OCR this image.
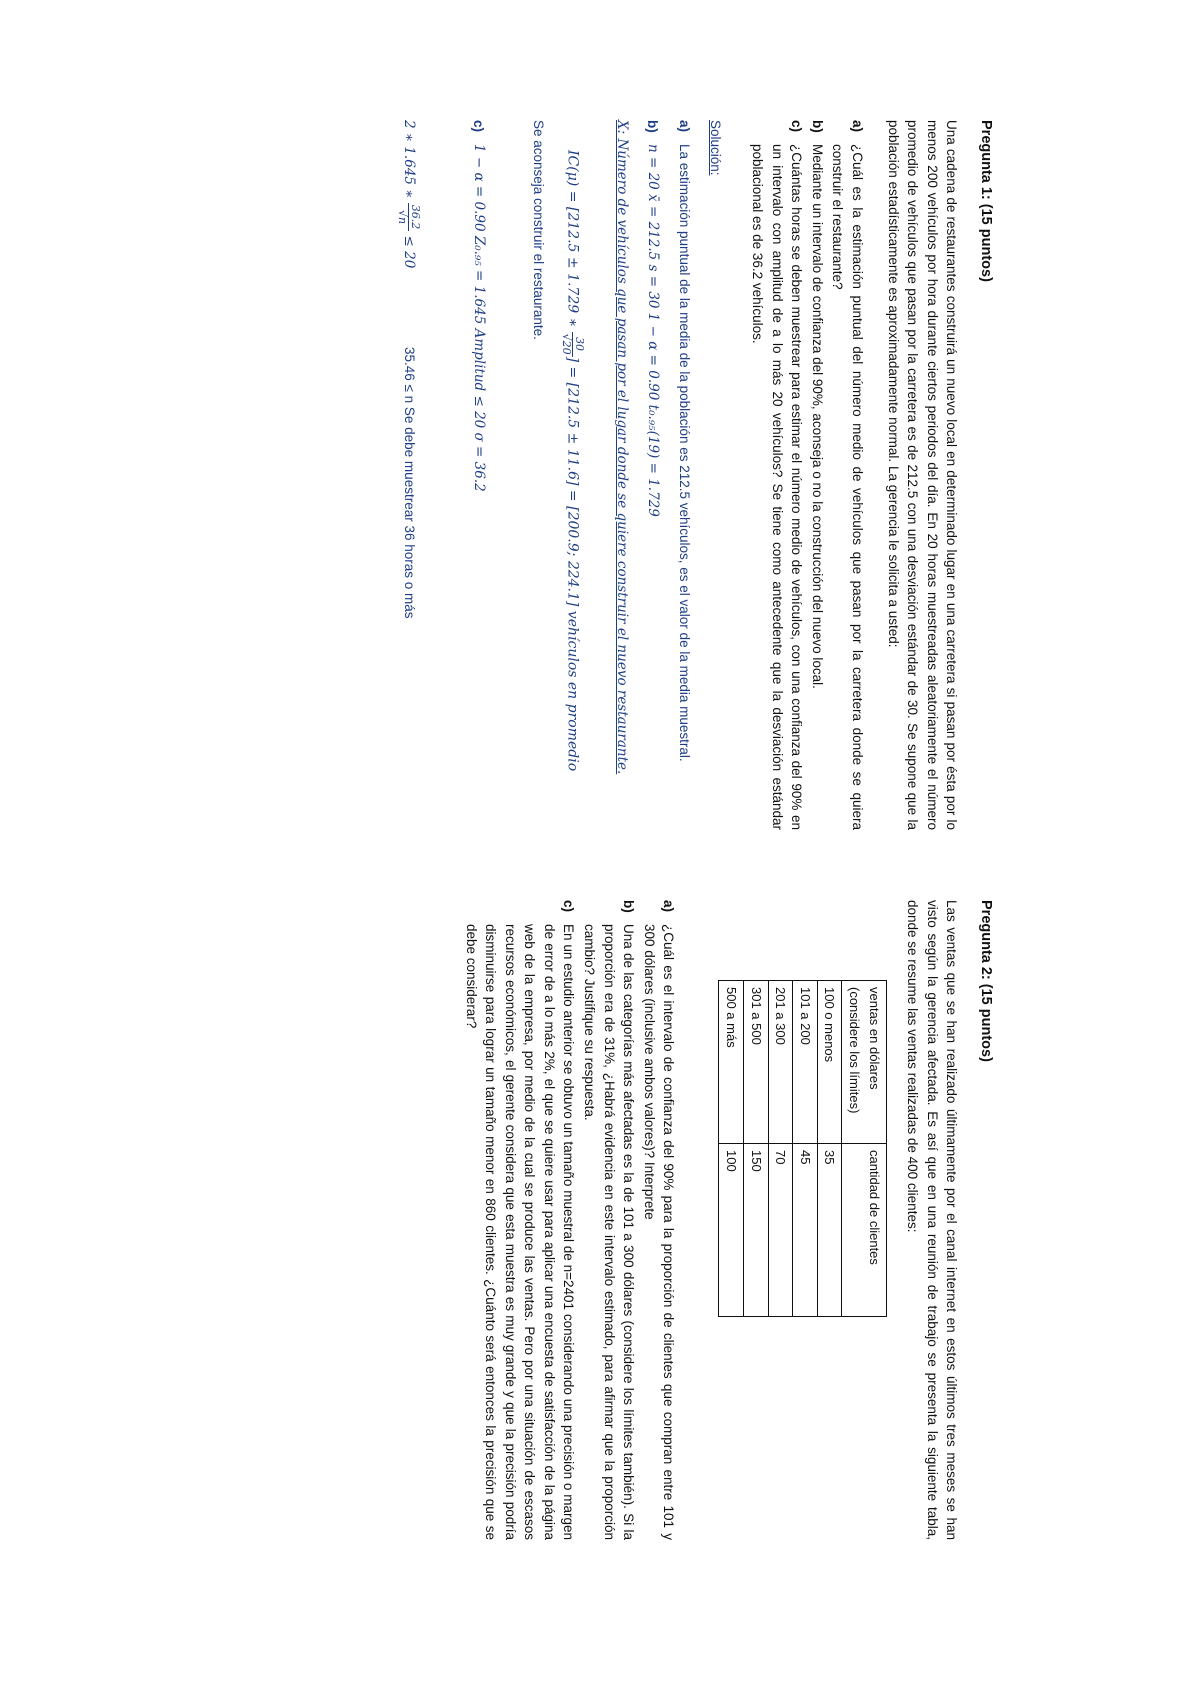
Pregunta 1: (15 puntos)
Una cadena de restaurantes construirá un nuevo local en determinado lugar en una carretera si pasan por ésta por lo menos 200 vehículos por hora durante ciertos periodos del día. En 20 horas muestreadas aleatoriamente el número promedio de vehículos que pasan por la carretera es de 212.5 con una desviación estándar de 30. Se supone que la población estadísticamente es aproximadamente normal. La gerencia le solicita a usted:
a)
¿Cuál es la estimación puntual del número medio de vehículos que pasan por la carretera donde se quiera construir el restaurante?
b)
Mediante un intervalo de confianza del 90%, aconseja o no la construcción del nuevo local.
c)
¿Cuántas horas se deben muestrear para estimar el número medio de vehículos, con una confianza del 90% en un intervalo con amplitud de a lo más 20 vehículos? Se tiene como antecedente que la desviación estándar poblacional es de 36.2 vehículos.
Solución:
a)
La estimación puntual de la media de la población es 212.5 vehículos, es el valor de la media muestral.
b)
n = 20 x̄ = 212.5 s = 30 1 − α = 0.90 t₀.₉₅(19) = 1.729
X: Número de vehículos que pasan por el lugar donde se quiere construir el nuevo restaurante.
IC(μ) = [212.5 ± 1.729 ∗
30
√20
] = [212.5 ± 11.6] = [200.9; 224.1] vehículos en promedio
Se aconseja construir el restaurante.
c)
1 − α = 0.90 Z₀.₉₅ = 1.645 Amplitud ≤ 20 σ = 36.2
2 ∗ 1.645 ∗
36.2
√n
≤ 20  35.46 ≤ n Se debe muestrear 36 horas o más
Pregunta 2: (15 puntos)
Las ventas que se han realizado últimamente por el canal internet en estos últimos tres meses se han visto según la gerencia afectada. Es así que en una reunión de trabajo se presenta la siguiente tabla, donde se resume las ventas realizadas de 400 clientes:
ventas en dólares (considere los límites)	cantidad de clientes
100 o menos	35
101 a 200	45
201 a 300	70
301 a 500	150
500 a más	100
a)
¿Cuál es el intervalo de confianza del 90% para la proporción de clientes que compran entre 101 y 300 dólares (inclusive ambos valores)? Interprete
b)
Una de las categorías más afectadas es la de 101 a 300 dólares (considere los límites también). Si la proporción era de 31%, ¿Habrá evidencia en este intervalo estimado, para afirmar que la proporción cambio? Justifique su respuesta.
c)
En un estudio anterior se obtuvo un tamaño muestral de n=2401 considerando una precisión o margen de error de a lo más 2%, el que se quiere usar para aplicar una encuesta de satisfacción de la página web de la empresa, por medio de la cual se produce las ventas. Pero por una situación de escasos recursos económicos, el gerente considera que esta muestra es muy grande y que la precisión podría disminuirse para lograr un tamaño menor en 860 clientes. ¿Cuánto será entonces la precisión que se debe considerar?
